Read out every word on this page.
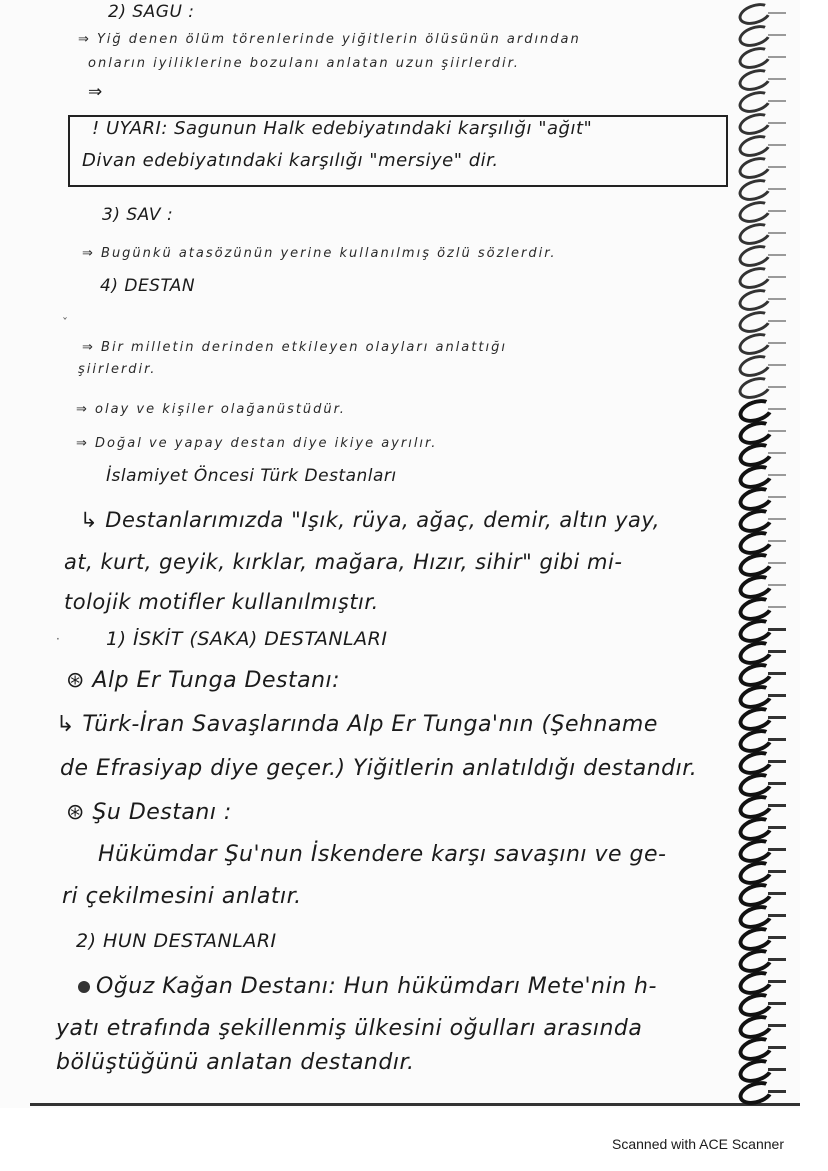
2) SAGU :
⇒ Yiğ denen ölüm törenlerinde yiğitlerin ölüsünün ardından
onların iyiliklerine bozulanı anlatan uzun şiirlerdir.
⇒
! UYARI: Sagunun Halk edebiyatındaki karşılığı "ağıt"
Divan edebiyatındaki karşılığı "mersiye" dir.
3) SAV :
⇒ Bugünkü atasözünün yerine kullanılmış özlü sözlerdir.
4) DESTAN
ˇ
⇒ Bir milletin derinden etkileyen olayları anlattığı
şiirlerdir.
⇒ olay ve kişiler olağanüstüdür.
⇒ Doğal ve yapay destan diye ikiye ayrılır.
İslamiyet Öncesi Türk Destanları
↳ Destanlarımızda "Işık, rüya, ağaç, demir, altın yay,
at, kurt, geyik, kırklar, mağara, Hızır, sihir" gibi mi-
tolojik motifler kullanılmıştır.
· 1) İSKİT (SAKA) DESTANLARI
⊛ Alp Er Tunga Destanı:
↳ Türk-İran Savaşlarında Alp Er Tunga'nın (Şehname
de Efrasiyap diye geçer.) Yiğitlerin anlatıldığı destandır.
⊛ Şu Destanı :
Hükümdar Şu'nun İskendere karşı savaşını ve ge-
ri çekilmesini anlatır.
2) HUN DESTANLARI
Oğuz Kağan Destanı: Hun hükümdarı Mete'nin h-
yatı etrafında şekillenmiş ülkesini oğulları arasında
bölüştüğünü anlatan destandır.
Scanned with ACE Scanner
